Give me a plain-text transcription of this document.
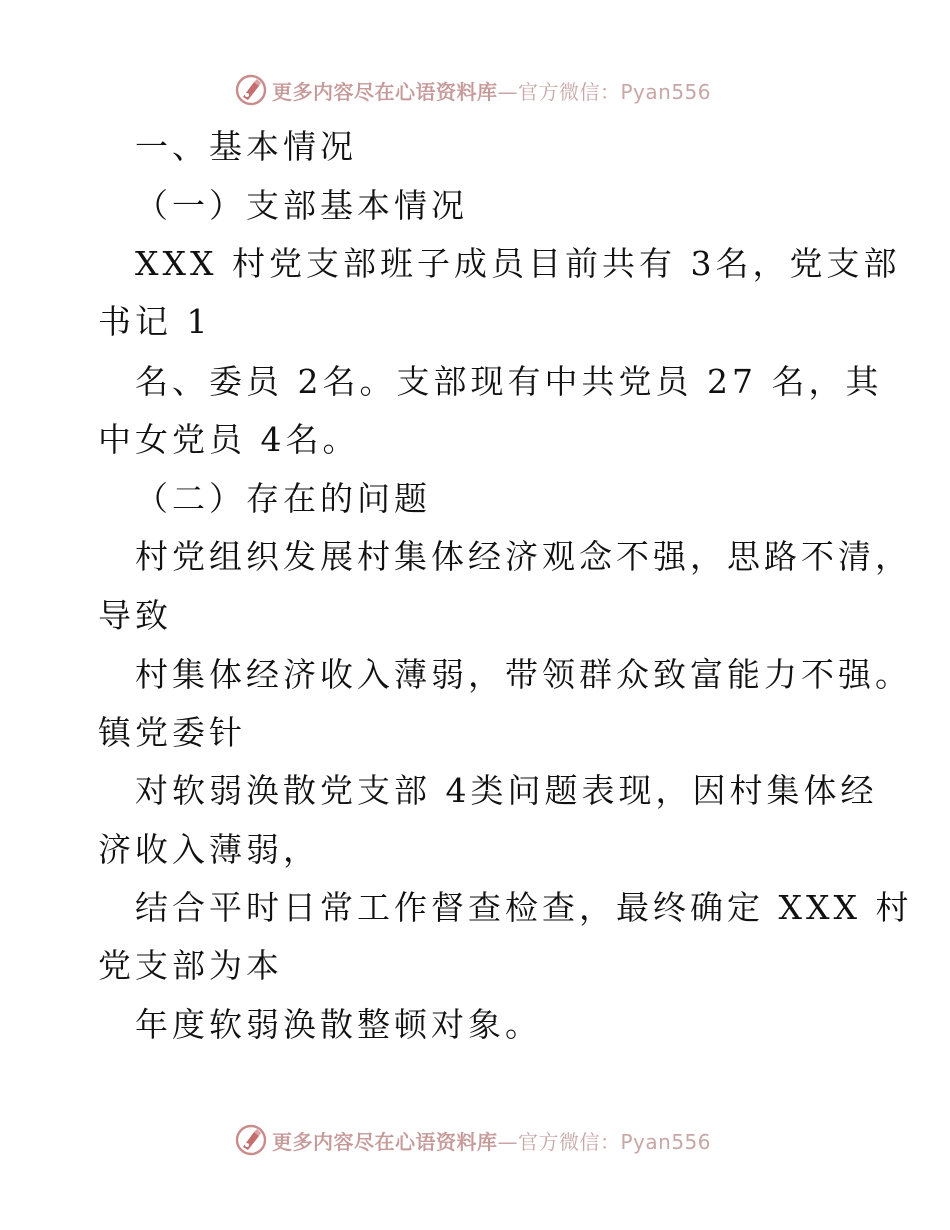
更多内容尽在心语资料库—官方微信：Pyan556
一、基本情况
（一）支部基本情况
XXX 村党支部班子成员目前共有 3名，党支部
书记 1
名、委员 2名。支部现有中共党员 27 名，其
中女党员 4名。
（二）存在的问题
村党组织发展村集体经济观念不强，思路不清，
导致
村集体经济收入薄弱，带领群众致富能力不强。
镇党委针
对软弱涣散党支部 4类问题表现，因村集体经
济收入薄弱，
结合平时日常工作督查检查，最终确定 XXX 村
党支部为本
年度软弱涣散整顿对象。
更多内容尽在心语资料库—官方微信：Pyan556
